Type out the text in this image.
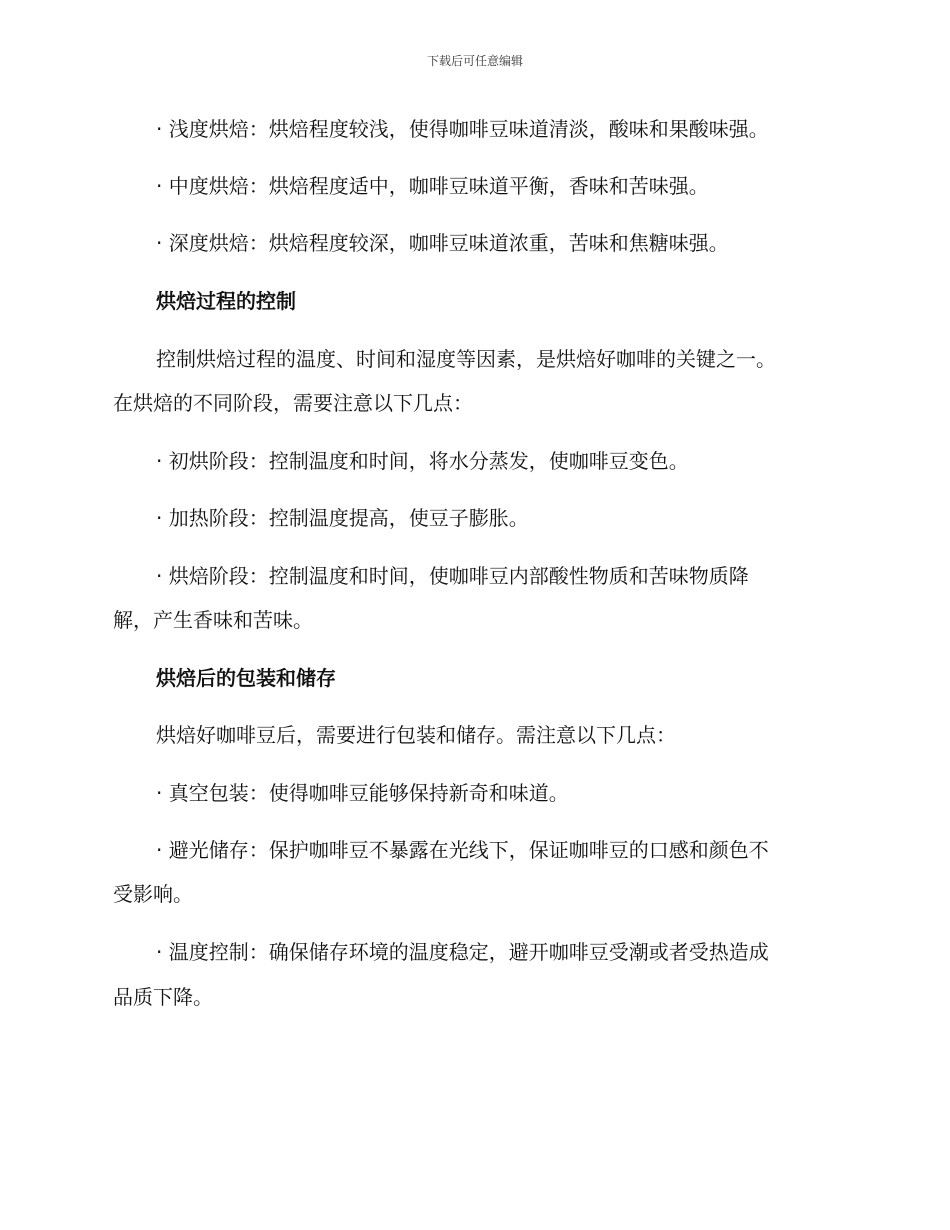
下载后可任意编辑
· 浅度烘焙：烘焙程度较浅，使得咖啡豆味道清淡，酸味和果酸味强。
· 中度烘焙：烘焙程度适中，咖啡豆味道平衡，香味和苦味强。
· 深度烘焙：烘焙程度较深，咖啡豆味道浓重，苦味和焦糖味强。
烘焙过程的控制
控制烘焙过程的温度、时间和湿度等因素，是烘焙好咖啡的关键之一。
在烘焙的不同阶段，需要注意以下几点：
· 初烘阶段：控制温度和时间，将水分蒸发，使咖啡豆变色。
· 加热阶段：控制温度提高，使豆子膨胀。
· 烘焙阶段：控制温度和时间，使咖啡豆内部酸性物质和苦味物质降
解，产生香味和苦味。
烘焙后的包装和储存
烘焙好咖啡豆后，需要进行包装和储存。需注意以下几点：
· 真空包装：使得咖啡豆能够保持新奇和味道。
· 避光储存：保护咖啡豆不暴露在光线下，保证咖啡豆的口感和颜色不
受影响。
· 温度控制：确保储存环境的温度稳定，避开咖啡豆受潮或者受热造成
品质下降。
